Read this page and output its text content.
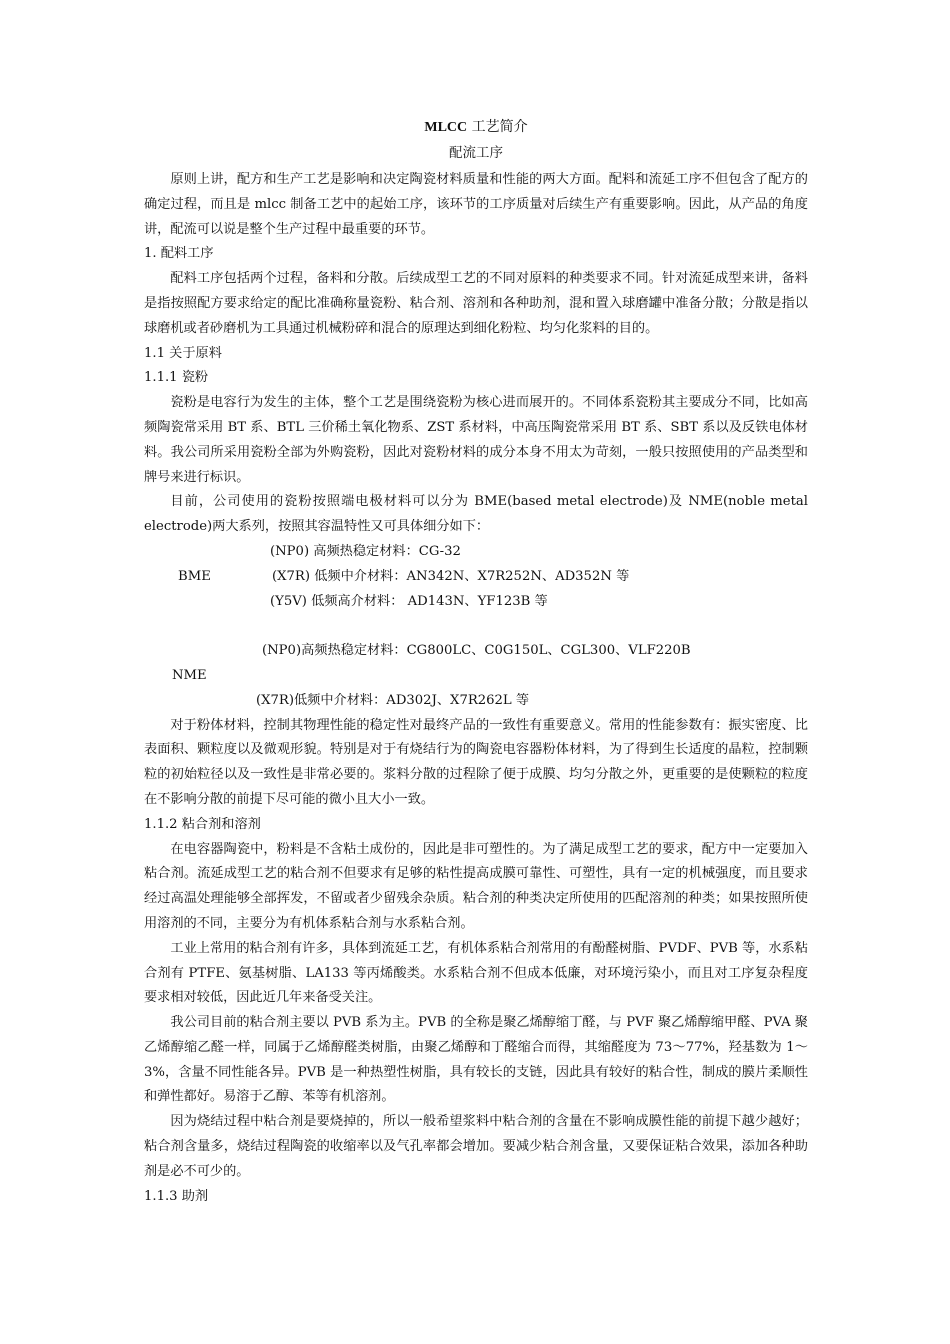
MLCC 工艺简介
配流工序

原则上讲，配方和生产工艺是影响和决定陶瓷材料质量和性能的两大方面。配料和流延工序不但包含了配方的确定过程，而且是 mlcc 制备工艺中的起始工序，该环节的工序质量对后续生产有重要影响。因此，从产品的角度讲，配流可以说是整个生产过程中最重要的环节。

1. 配料工序

配料工序包括两个过程，备料和分散。后续成型工艺的不同对原料的种类要求不同。针对流延成型来讲，备料是指按照配方要求给定的配比准确称量瓷粉、粘合剂、溶剂和各种助剂，混和置入球磨罐中准备分散；分散是指以球磨机或者砂磨机为工具通过机械粉碎和混合的原理达到细化粉粒、均匀化浆料的目的。

1.1 关于原料
1.1.1 瓷粉

瓷粉是电容行为发生的主体，整个工艺是围绕瓷粉为核心进而展开的。不同体系瓷粉其主要成分不同，比如高频陶瓷常采用 BT 系、BTL 三价稀土氧化物系、ZST 系材料，中高压陶瓷常采用 BT 系、SBT 系以及反铁电体材料。我公司所采用瓷粉全部为外购瓷粉，因此对瓷粉材料的成分本身不用太为苛刻，一般只按照使用的产品类型和牌号来进行标识。

目前，公司使用的瓷粉按照端电极材料可以分为 BME(based metal electrode)及 NME(noble metal electrode)两大系列，按照其容温特性又可具体细分如下：

(NP0) 高频热稳定材料：CG-32
BME	(X7R) 低频中介材料：AN342N、X7R252N、AD352N 等
(Y5V) 低频高介材料： AD143N、YF123B 等
(NP0)高频热稳定材料：CG800LC、C0G150L、CGL300、VLF220B
NME
(X7R)低频中介材料：AD302J、X7R262L 等

对于粉体材料，控制其物理性能的稳定性对最终产品的一致性有重要意义。常用的性能参数有：振实密度、比表面积、颗粒度以及微观形貌。特别是对于有烧结行为的陶瓷电容器粉体材料，为了得到生长适度的晶粒，控制颗粒的初始粒径以及一致性是非常必要的。浆料分散的过程除了便于成膜、均匀分散之外，更重要的是使颗粒的粒度在不影响分散的前提下尽可能的微小且大小一致。

1.1.2 粘合剂和溶剂

在电容器陶瓷中，粉料是不含粘土成份的，因此是非可塑性的。为了满足成型工艺的要求，配方中一定要加入粘合剂。流延成型工艺的粘合剂不但要求有足够的粘性提高成膜可靠性、可塑性，具有一定的机械强度，而且要求经过高温处理能够全部挥发，不留或者少留残余杂质。粘合剂的种类决定所使用的匹配溶剂的种类；如果按照所使用溶剂的不同，主要分为有机体系粘合剂与水系粘合剂。

工业上常用的粘合剂有许多，具体到流延工艺，有机体系粘合剂常用的有酚醛树脂、PVDF、PVB 等，水系粘合剂有 PTFE、氨基树脂、LA133 等丙烯酸类。水系粘合剂不但成本低廉，对环境污染小，而且对工序复杂程度要求相对较低，因此近几年来备受关注。

我公司目前的粘合剂主要以 PVB 系为主。PVB 的全称是聚乙烯醇缩丁醛，与 PVF 聚乙烯醇缩甲醛、PVA 聚乙烯醇缩乙醛一样，同属于乙烯醇醛类树脂，由聚乙烯醇和丁醛缩合而得，其缩醛度为 73～77%，羟基数为 1～3%，含量不同性能各异。PVB 是一种热塑性树脂，具有较长的支链，因此具有较好的粘合性，制成的膜片柔顺性和弹性都好。易溶于乙醇、苯等有机溶剂。

因为烧结过程中粘合剂是要烧掉的，所以一般希望浆料中粘合剂的含量在不影响成膜性能的前提下越少越好；粘合剂含量多，烧结过程陶瓷的收缩率以及气孔率都会增加。要减少粘合剂含量，又要保证粘合效果，添加各种助剂是必不可少的。

1.1.3 助剂
